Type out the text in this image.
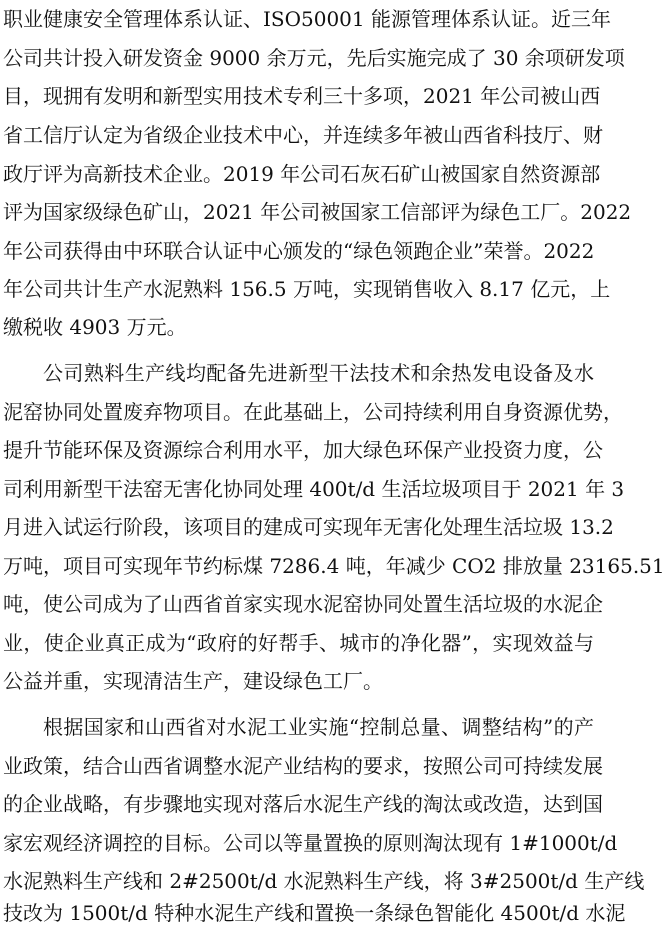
职业健康安全管理体系认证、ISO50001 能源管理体系认证。近三年
公司共计投入研发资金 9000 余万元，先后实施完成了 30 余项研发项
目，现拥有发明和新型实用技术专利三十多项，2021 年公司被山西
省工信厅认定为省级企业技术中心，并连续多年被山西省科技厅、财
政厅评为高新技术企业。2019 年公司石灰石矿山被国家自然资源部
评为国家级绿色矿山，2021 年公司被国家工信部评为绿色工厂。2022
年公司获得由中环联合认证中心颁发的“绿色领跑企业”荣誉。2022
年公司共计生产水泥熟料 156.5 万吨，实现销售收入 8.17 亿元，上
缴税收 4903 万元。
公司熟料生产线均配备先进新型干法技术和余热发电设备及水
泥窑协同处置废弃物项目。在此基础上，公司持续利用自身资源优势，
提升节能环保及资源综合利用水平，加大绿色环保产业投资力度，公
司利用新型干法窑无害化协同处理 400t/d 生活垃圾项目于 2021 年 3
月进入试运行阶段，该项目的建成可实现年无害化处理生活垃圾 13.2
万吨，项目可实现年节约标煤 7286.4 吨，年减少 CO2 排放量 23165.51
吨，使公司成为了山西省首家实现水泥窑协同处置生活垃圾的水泥企
业，使企业真正成为“政府的好帮手、城市的净化器”，实现效益与
公益并重，实现清洁生产，建设绿色工厂。
根据国家和山西省对水泥工业实施“控制总量、调整结构”的产
业政策，结合山西省调整水泥产业结构的要求，按照公司可持续发展
的企业战略，有步骤地实现对落后水泥生产线的淘汰或改造，达到国
家宏观经济调控的目标。公司以等量置换的原则淘汰现有 1#1000t/d
水泥熟料生产线和 2#2500t/d 水泥熟料生产线，将 3#2500t/d 生产线
技改为 1500t/d 特种水泥生产线和置换一条绿色智能化 4500t/d 水泥
